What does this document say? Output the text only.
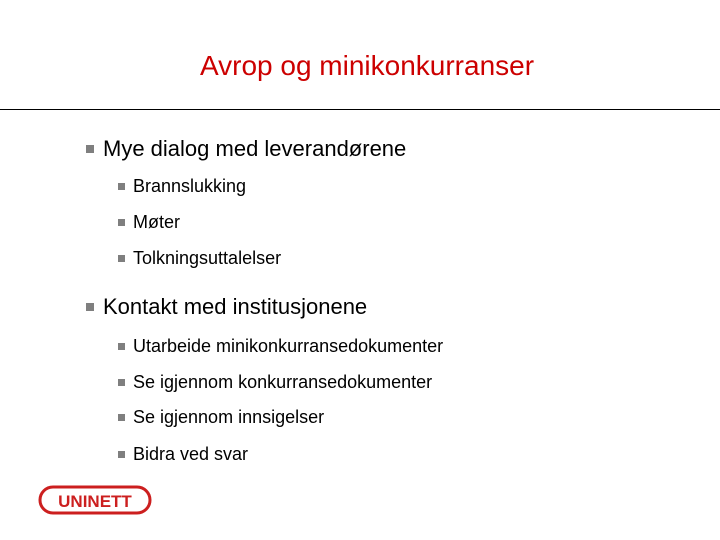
Avrop og minikonkurranser
Mye dialog med leverandørene
Brannslukking
Møter
Tolkningsuttalelser
Kontakt med institusjonene
Utarbeide minikonkurransedokumenter
Se igjennom konkurransedokumenter
Se igjennom innsigelser
Bidra ved svar
UNINETT
